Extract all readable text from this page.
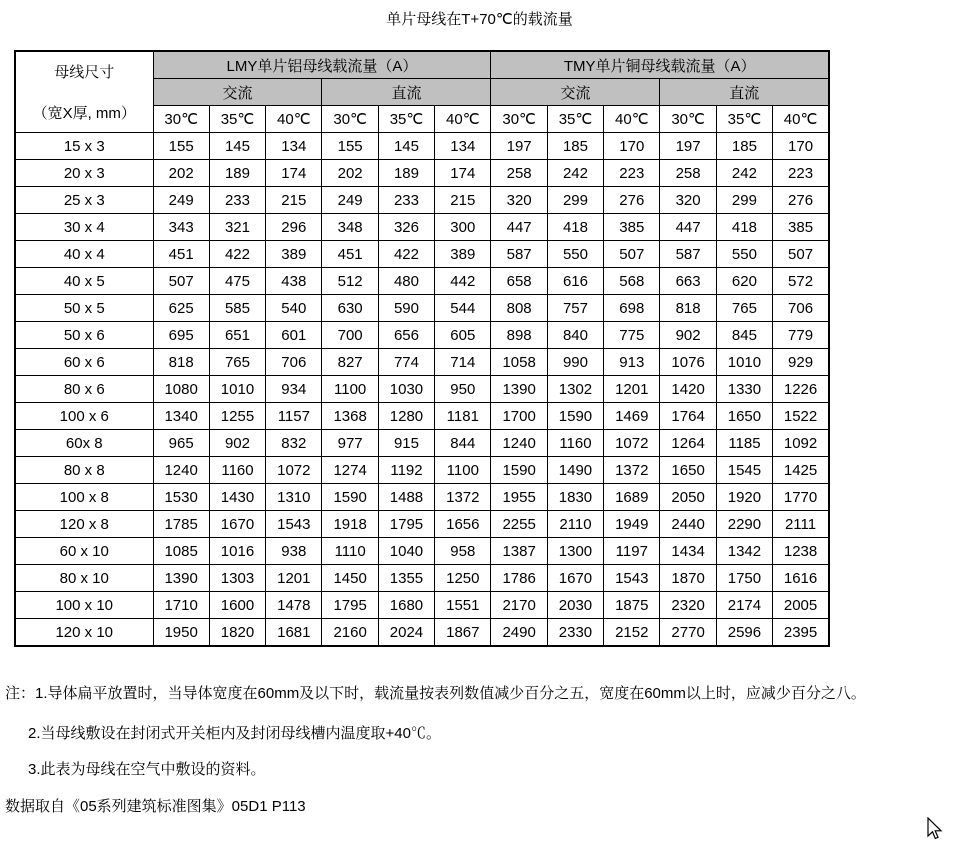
单片母线在T+70℃的载流量
母线尺寸
（宽X厚, mm）	LMY单片铝母线载流量（A）						TMY单片铜母线载流量（A）					
	交流			直流			交流			直流		
	30℃	35℃	40℃	30℃	35℃	40℃	30℃	35℃	40℃	30℃	35℃	40℃
15 x 3	155	145	134	155	145	134	197	185	170	197	185	170
20 x 3	202	189	174	202	189	174	258	242	223	258	242	223
25 x 3	249	233	215	249	233	215	320	299	276	320	299	276
30 x 4	343	321	296	348	326	300	447	418	385	447	418	385
40 x 4	451	422	389	451	422	389	587	550	507	587	550	507
40 x 5	507	475	438	512	480	442	658	616	568	663	620	572
50 x 5	625	585	540	630	590	544	808	757	698	818	765	706
50 x 6	695	651	601	700	656	605	898	840	775	902	845	779
60 x 6	818	765	706	827	774	714	1058	990	913	1076	1010	929
80 x 6	1080	1010	934	1100	1030	950	1390	1302	1201	1420	1330	1226
100 x 6	1340	1255	1157	1368	1280	1181	1700	1590	1469	1764	1650	1522
60x 8	965	902	832	977	915	844	1240	1160	1072	1264	1185	1092
80 x 8	1240	1160	1072	1274	1192	1100	1590	1490	1372	1650	1545	1425
100 x 8	1530	1430	1310	1590	1488	1372	1955	1830	1689	2050	1920	1770
120 x 8	1785	1670	1543	1918	1795	1656	2255	2110	1949	2440	2290	2111
60 x 10	1085	1016	938	1110	1040	958	1387	1300	1197	1434	1342	1238
80 x 10	1390	1303	1201	1450	1355	1250	1786	1670	1543	1870	1750	1616
100 x 10	1710	1600	1478	1795	1680	1551	2170	2030	1875	2320	2174	2005
120 x 10	1950	1820	1681	2160	2024	1867	2490	2330	2152	2770	2596	2395
注：1.导体扁平放置时，当导体宽度在60mm及以下时，载流量按表列数值减少百分之五，宽度在60mm以上时，应减少百分之八。
2.当母线敷设在封闭式开关柜内及封闭母线槽内温度取+40℃。
3.此表为母线在空气中敷设的资料。
数据取自《05系列建筑标准图集》05D1 P113
